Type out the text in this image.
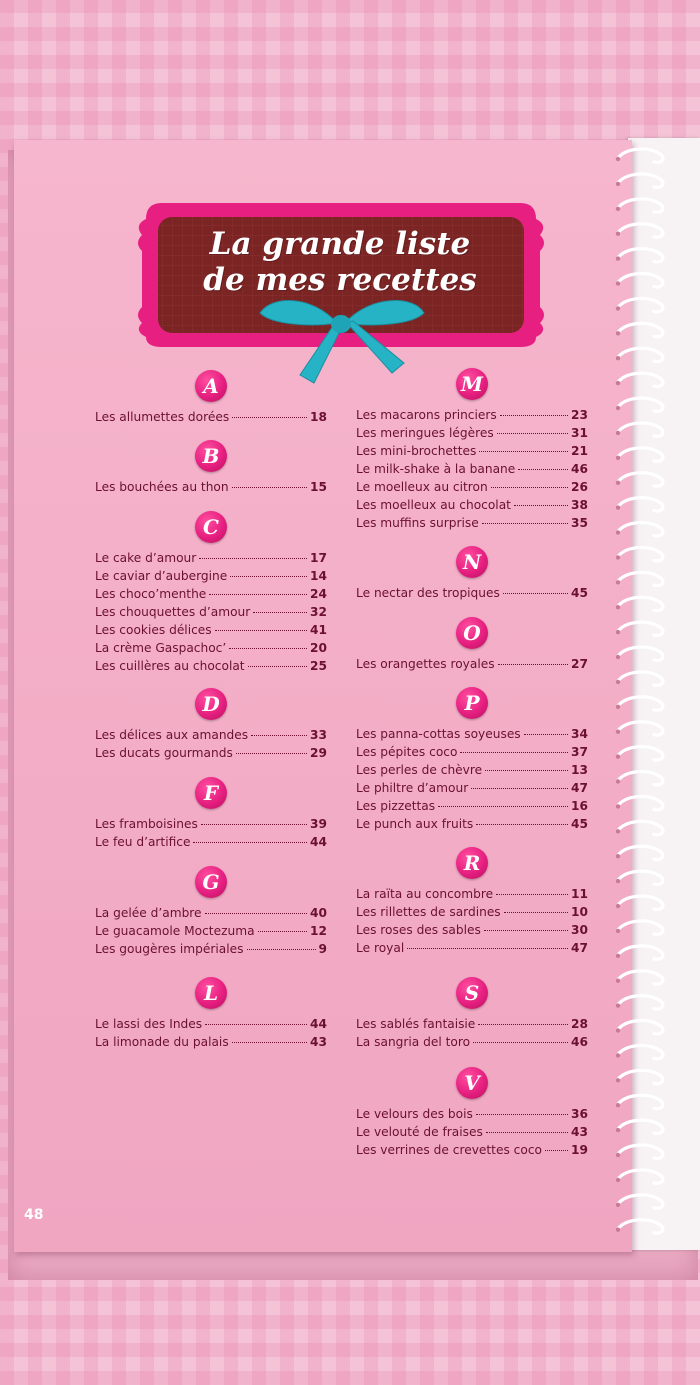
La grande liste
de mes recettes
A
Les allumettes dorées	18
B
Les bouchées au thon	15
C
Le cake d’amour	17
Le caviar d’aubergine	14
Les choco’menthe	24
Les chouquettes d’amour	32
Les cookies délices	41
La crème Gaspachoc’	20
Les cuillères au chocolat	25
D
Les délices aux amandes	33
Les ducats gourmands	29
F
Les framboisines	39
Le feu d’artifice	44
G
La gelée d’ambre	40
Le guacamole Moctezuma	12
Les gougères impériales	9
L
Le lassi des Indes	44
La limonade du palais	43
M
Les macarons princiers	23
Les meringues légères	31
Les mini-brochettes	21
Le milk-shake à la banane	46
Le moelleux au citron	26
Les moelleux au chocolat	38
Les muffins surprise	35
N
Le nectar des tropiques	45
O
Les orangettes royales	27
P
Les panna-cottas soyeuses	34
Les pépites coco	37
Les perles de chèvre	13
Le philtre d’amour	47
Les pizzettas	16
Le punch aux fruits	45
R
La raïta au concombre	11
Les rillettes de sardines	10
Les roses des sables	30
Le royal	47
S
Les sablés fantaisie	28
La sangria del toro	46
V
Le velours des bois	36
Le velouté de fraises	43
Les verrines de crevettes coco 19
48
